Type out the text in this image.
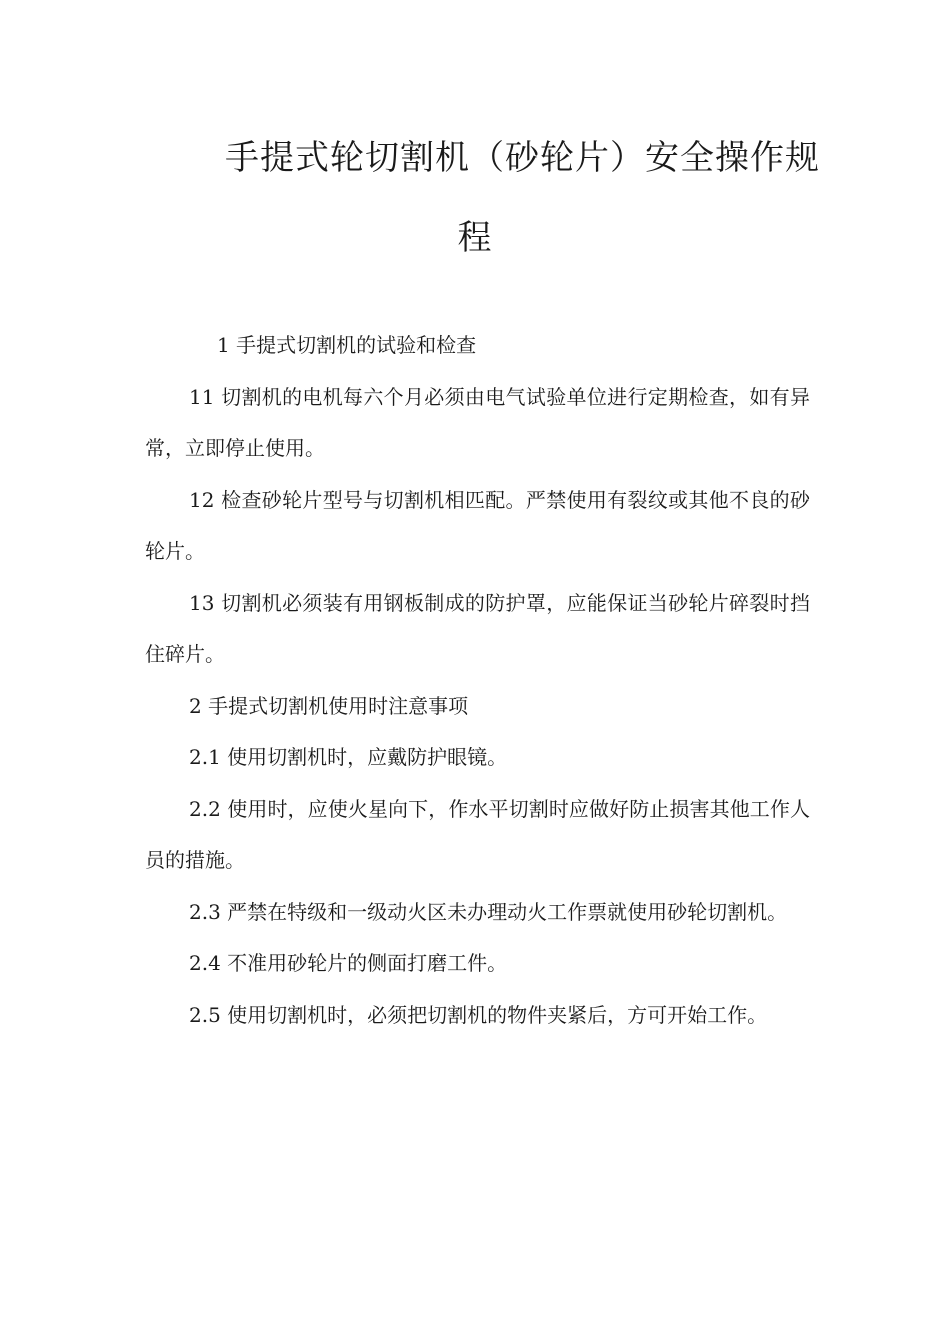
手提式轮切割机（砂轮片）安全操作规
程

1 手提式切割机的试验和检查

11 切割机的电机每六个月必须由电气试验单位进行定期检查，如有异常，立即停止使用。

12 检查砂轮片型号与切割机相匹配。严禁使用有裂纹或其他不良的砂轮片。

13 切割机必须装有用钢板制成的防护罩，应能保证当砂轮片碎裂时挡住碎片。

2 手提式切割机使用时注意事项

2.1 使用切割机时，应戴防护眼镜。

2.2 使用时，应使火星向下，作水平切割时应做好防止损害其他工作人员的措施。

2.3 严禁在特级和一级动火区未办理动火工作票就使用砂轮切割机。

2.4 不准用砂轮片的侧面打磨工件。

2.5 使用切割机时，必须把切割机的物件夹紧后，方可开始工作。
